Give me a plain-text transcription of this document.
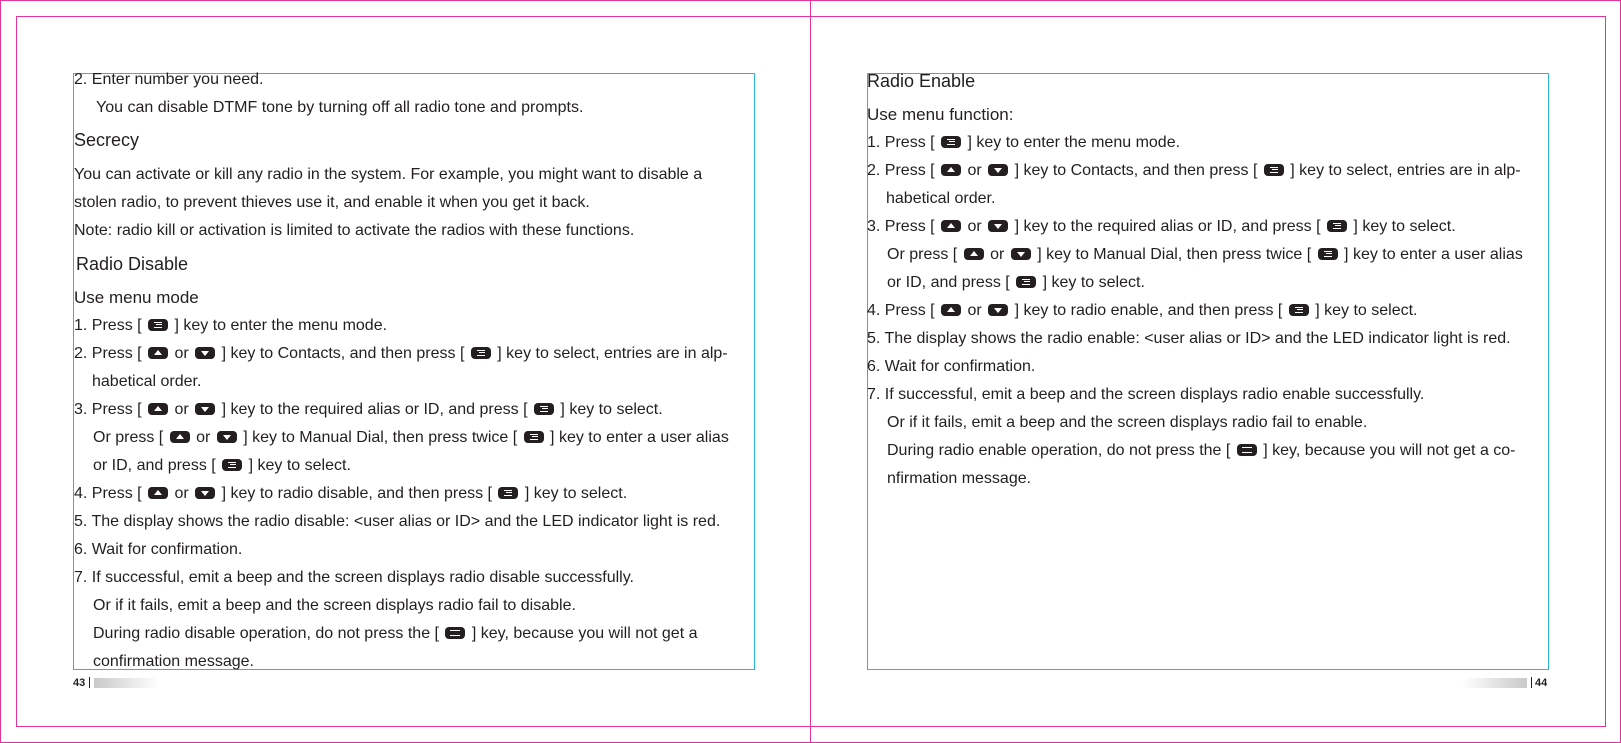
2. Enter number you need.
You can disable DTMF tone by turning off all radio tone and prompts.
Secrecy
You can activate or kill any radio in the system. For example, you might want to disable a
stolen radio, to prevent thieves use it, and enable it when you get it back.
Note: radio kill or activation is limited to activate the radios with these functions.
Radio Disable
Use menu mode
1. Press [
] key to enter the menu mode.
2. Press [
or
] key to Contacts, and then press [
] key to select, entries are in alp-
habetical order.
3. Press [
or
] key to the required alias or ID, and press [
] key to select.
Or press [
or
] key to Manual Dial, then press twice [
] key to enter a user alias
or ID, and press [
] key to select.
4. Press [
or
] key to radio disable, and then press [
] key to select.
5. The display shows the radio disable: <user alias or ID> and the LED indicator light is red.
6. Wait for confirmation.
7. If successful, emit a beep and the screen displays radio disable successfully.
Or if it fails, emit a beep and the screen displays radio fail to disable.
During radio disable operation, do not press the [
] key, because you will not get a
confirmation message.
43
Radio Enable
Use menu function:
1. Press [
] key to enter the menu mode.
2. Press [
or
] key to Contacts, and then press [
] key to select, entries are in alp-
habetical order.
3. Press [
or
] key to the required alias or ID, and press [
] key to select.
Or press [
or
] key to Manual Dial, then press twice [
] key to enter a user alias
or ID, and press [
] key to select.
4. Press [
or
] key to radio enable, and then press [
] key to select.
5. The display shows the radio enable: <user alias or ID> and the LED indicator light is red.
6. Wait for confirmation.
7. If successful, emit a beep and the screen displays radio enable successfully.
Or if it fails, emit a beep and the screen displays radio fail to enable.
During radio enable operation, do not press the [
] key, because you will not get a co-
nfirmation message.
44
